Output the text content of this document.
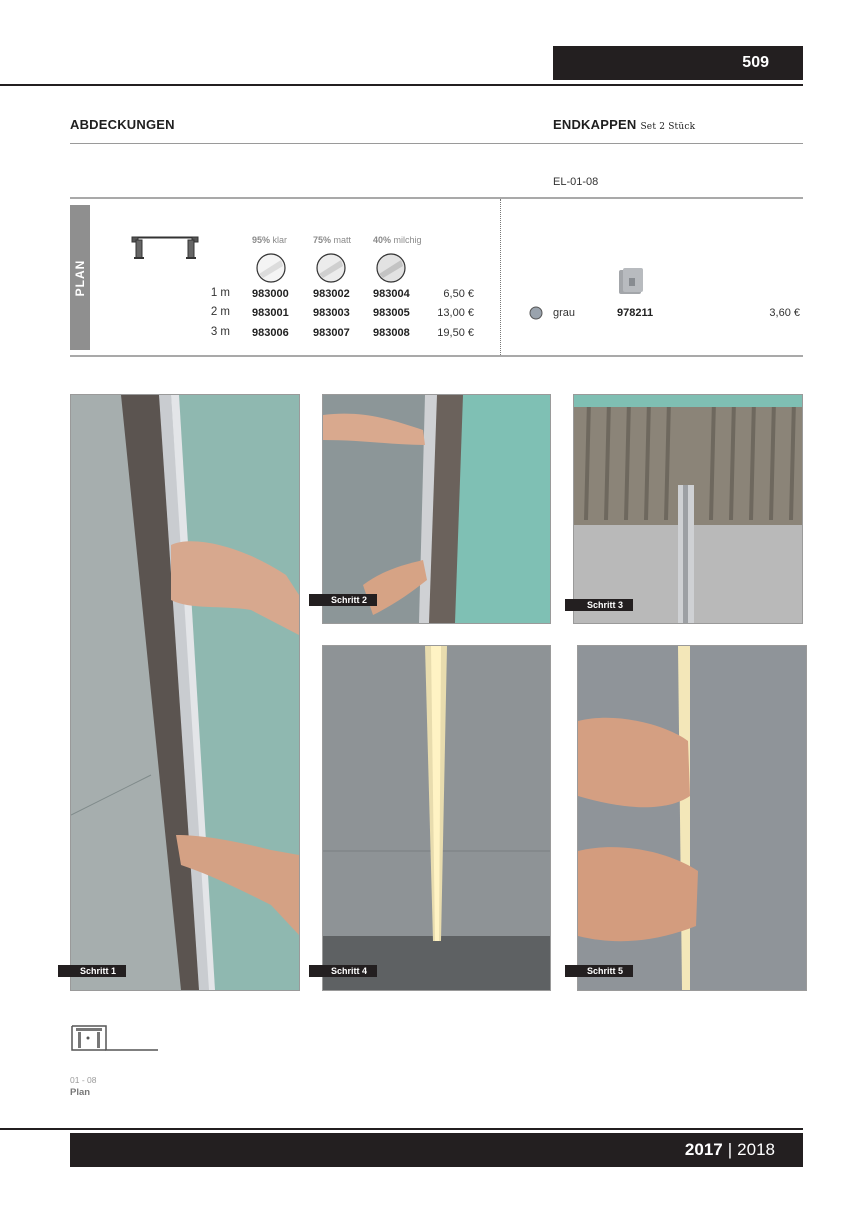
509
ABDECKUNGEN	ENDKAPPEN Set 2 Stück
EL-01-08
PLAN
95% klar	75% matt 40% milchig
1 m 983000 983002 983004	6,50 €
2 m 983001 983003 983005	13,00 €
3 m 983006 983007 983008	19,50 €
grau	978211	3,60 €
Schritt 1
Schritt 2	Schritt 3
Schritt 4	Schritt 5
01 - 08
Plan
2017 | 2018
